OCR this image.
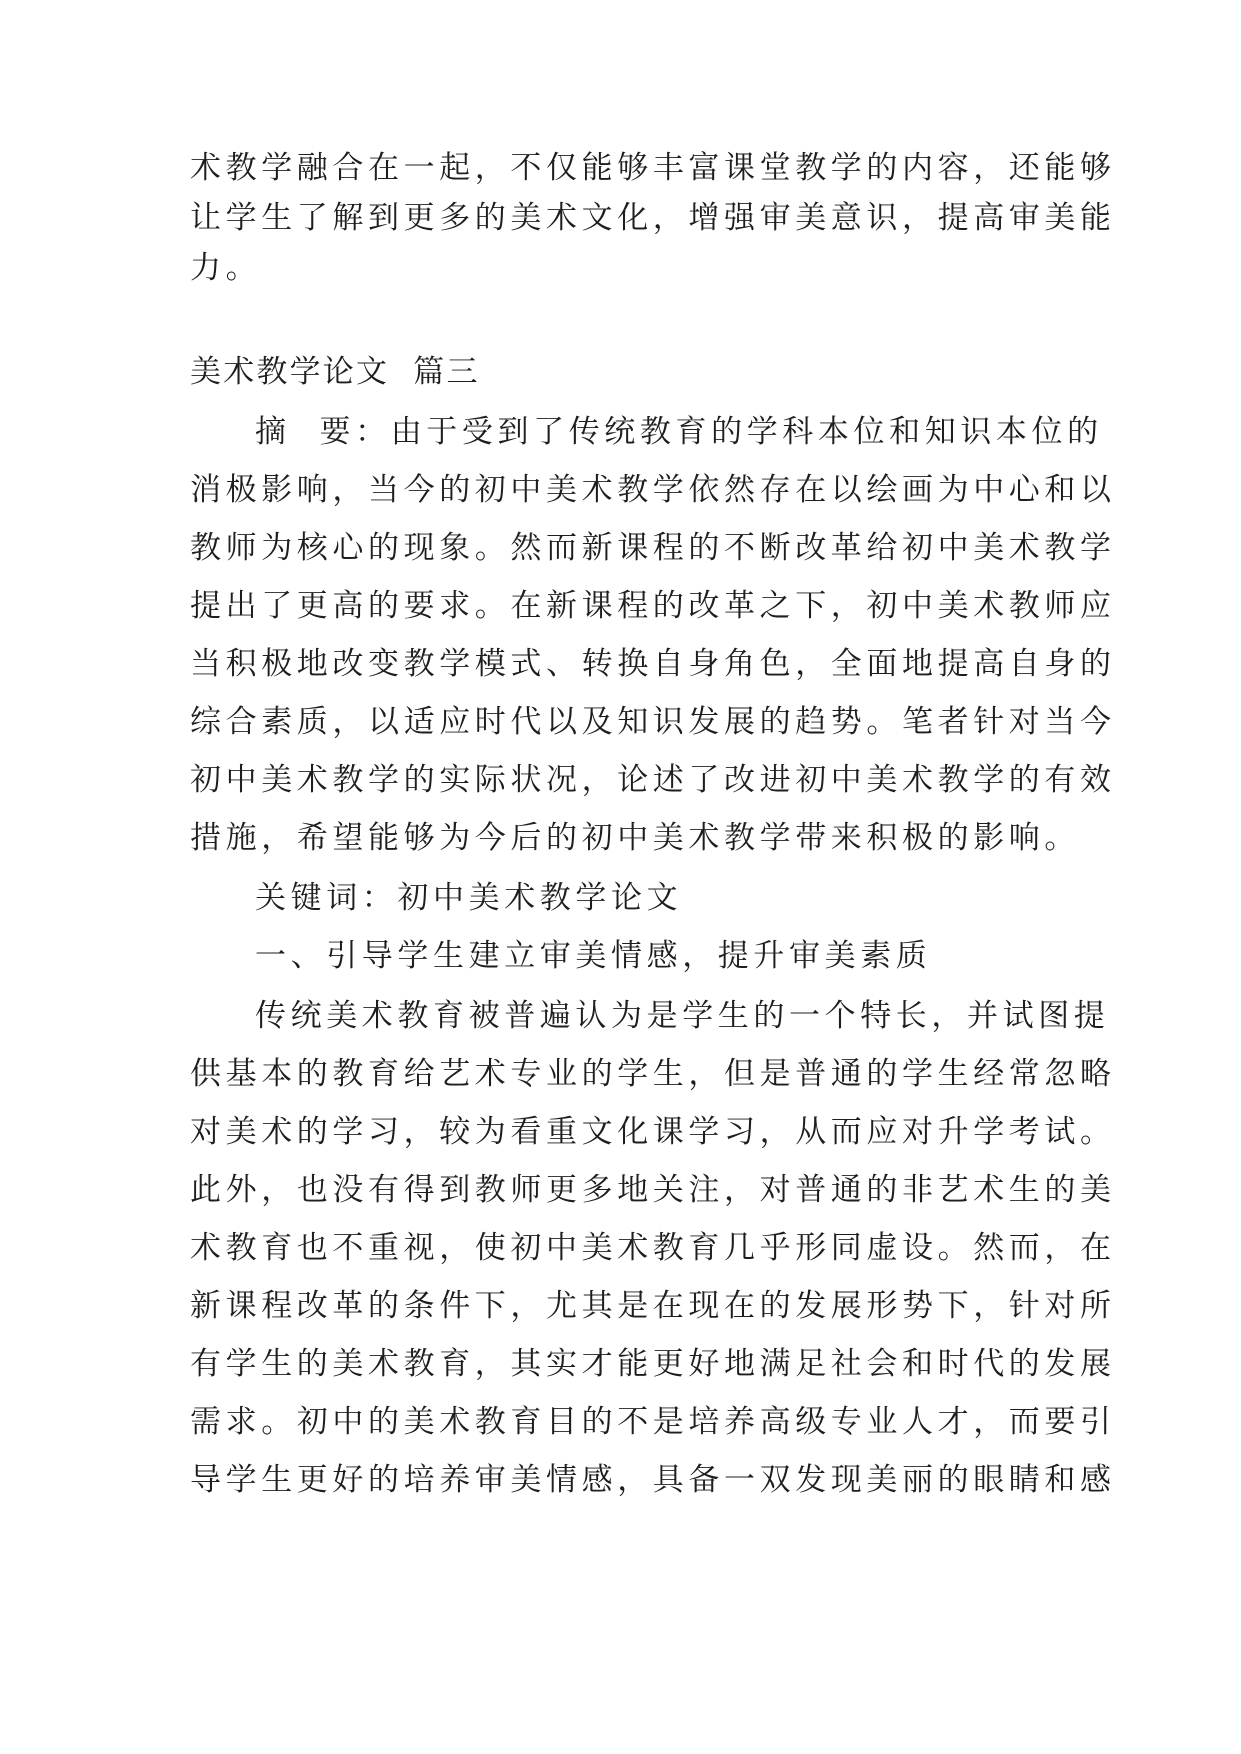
术教学融合在一起，不仅能够丰富课堂教学的内容，还能够
让学生了解到更多的美术文化，增强审美意识，提高审美能
力。
美术教学论文  篇三
摘  要：由于受到了传统教育的学科本位和知识本位的
消极影响，当今的初中美术教学依然存在以绘画为中心和以
教师为核心的现象。然而新课程的不断改革给初中美术教学
提出了更高的要求。在新课程的改革之下，初中美术教师应
当积极地改变教学模式、转换自身角色，全面地提高自身的
综合素质，以适应时代以及知识发展的趋势。笔者针对当今
初中美术教学的实际状况，论述了改进初中美术教学的有效
措施，希望能够为今后的初中美术教学带来积极的影响。
关键词：初中美术教学论文
一、引导学生建立审美情感，提升审美素质
传统美术教育被普遍认为是学生的一个特长，并试图提
供基本的教育给艺术专业的学生，但是普通的学生经常忽略
对美术的学习，较为看重文化课学习，从而应对升学考试。
此外，也没有得到教师更多地关注，对普通的非艺术生的美
术教育也不重视，使初中美术教育几乎形同虚设。然而，在
新课程改革的条件下，尤其是在现在的发展形势下，针对所
有学生的美术教育，其实才能更好地满足社会和时代的发展
需求。初中的美术教育目的不是培养高级专业人才，而要引
导学生更好的培养审美情感，具备一双发现美丽的眼睛和感
